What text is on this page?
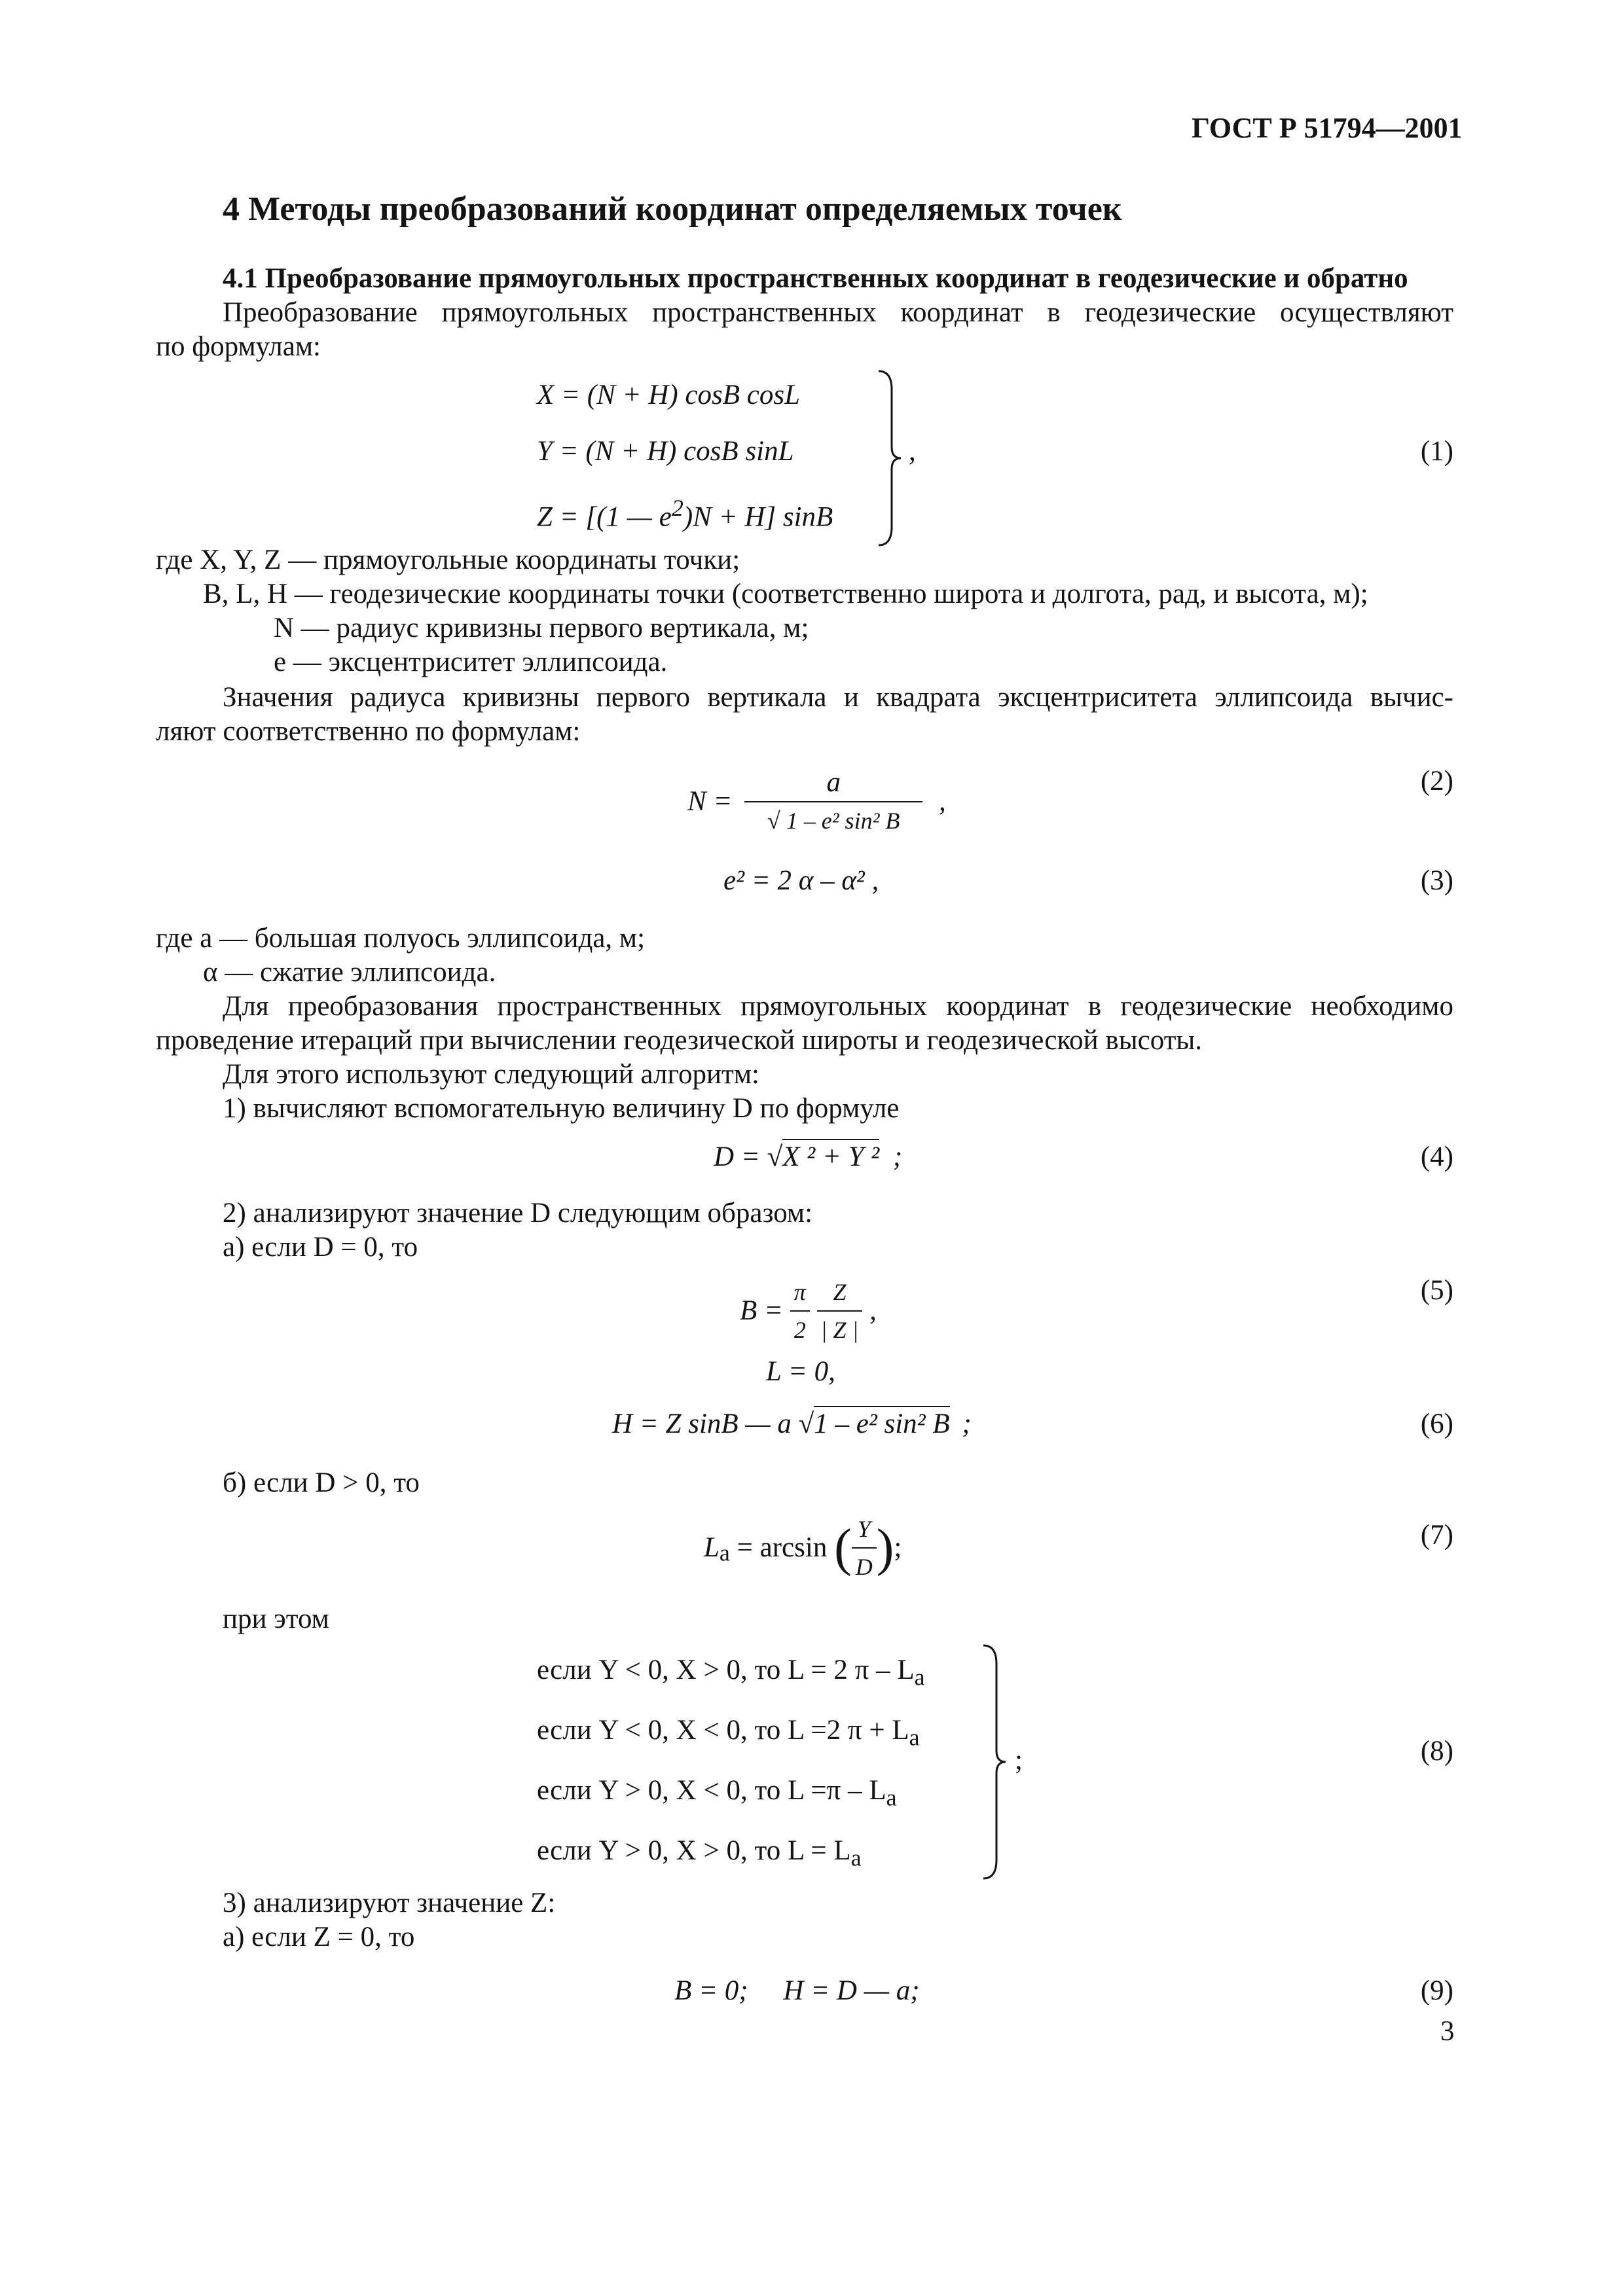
ГОСТ Р 51794—2001
4 Методы преобразований координат определяемых точек
4.1 Преобразование прямоугольных пространственных координат в геодезические и обратно
Преобразование прямоугольных пространственных координат в геодезические осуществляют
по формулам:
X = (N + H) cosB cosL
Y = (N + H) cosB sinL
Z = [(1 — $e^2)N + H$] sinB
,	(1)
где X, Y, Z — прямоугольные координаты точки;
B, L, H — геодезические координаты точки (соответственно широта и долгота, рад, и высота, м);
N — радиус кривизны первого вертикала, м;
e — эксцентриситет эллипсоида.
Значения радиуса кривизны первого вертикала и квадрата эксцентриситета эллипсоида вычис-
ляют соответственно по формулам:
$N = \frac{a}{\text{√ 1 – e² sin² B}}$ ,
(2)
e² = 2 α – α² ,	(3)
где a — большая полуось эллипсоида, м;
α — сжатие эллипсоида.
Для преобразования пространственных прямоугольных координат в геодезические необходимо
проведение итераций при вычислении геодезической широты и геодезической высоты.
Для этого используют следующий алгоритм:
1) вычисляют вспомогательную величину D по формуле
D = √X ² + Y ² ;	(4)
2) анализируют значение D следующим образом:
а) если D = 0, то
$B = \frac{\pi}{2}$
$\frac{Z}{| Z |}$ ,
(5)
L = 0,
H = Z sinB — a √1 – e² sin² B ;	(6)
б) если D > 0, то
$L_a = \arcsin$ ( $\frac{Y}{D}$ );	(7)
при этом
если Y < 0, X > 0, то L = 2 π – $L_a$
если Y < 0, X < 0, то L =2 $\pi + L_a$
если Y > 0, X < 0, то $L =\pi - L_a$
если Y > 0, X > 0, то $L = L_a$
;	(8)
3) анализируют значение Z:
а) если Z = 0, то
B = 0;     H = D — a;	(9)
3
